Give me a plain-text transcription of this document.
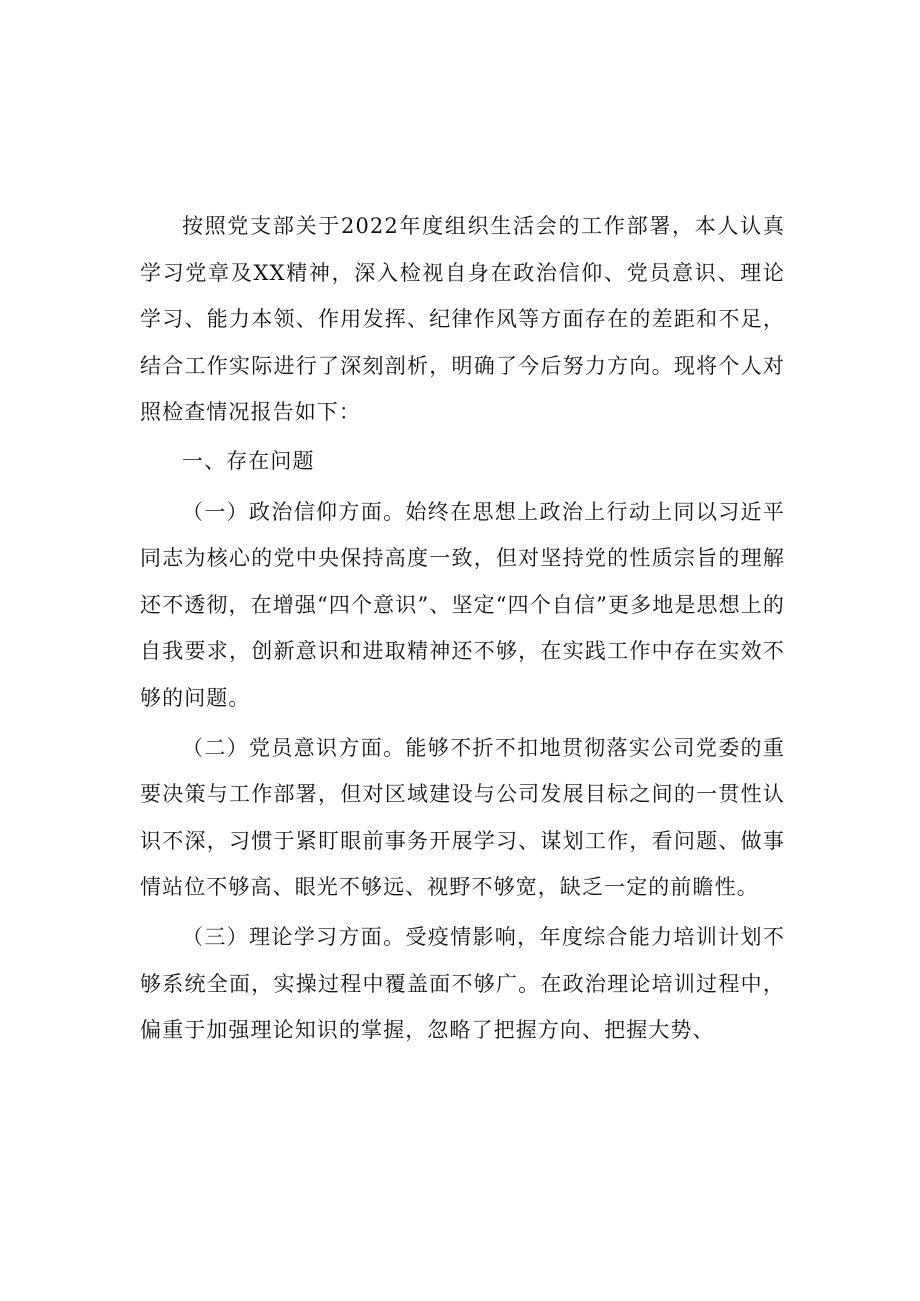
按照党支部关于2022年度组织生活会的工作部署，本人认真学习党章及XX精神，深入检视自身在政治信仰、党员意识、理论学习、能力本领、作用发挥、纪律作风等方面存在的差距和不足，结合工作实际进行了深刻剖析，明确了今后努力方向。现将个人对照检查情况报告如下：

一、存在问题

（一）政治信仰方面。始终在思想上政治上行动上同以习近平同志为核心的党中央保持高度一致，但对坚持党的性质宗旨的理解还不透彻，在增强“四个意识”、坚定“四个自信”更多地是思想上的自我要求，创新意识和进取精神还不够，在实践工作中存在实效不够的问题。

（二）党员意识方面。能够不折不扣地贯彻落实公司党委的重要决策与工作部署，但对区域建设与公司发展目标之间的一贯性认识不深，习惯于紧盯眼前事务开展学习、谋划工作，看问题、做事情站位不够高、眼光不够远、视野不够宽，缺乏一定的前瞻性。

（三）理论学习方面。受疫情影响，年度综合能力培训计划不够系统全面，实操过程中覆盖面不够广。在政治理论培训过程中，偏重于加强理论知识的掌握，忽略了把握方向、把握大势、
